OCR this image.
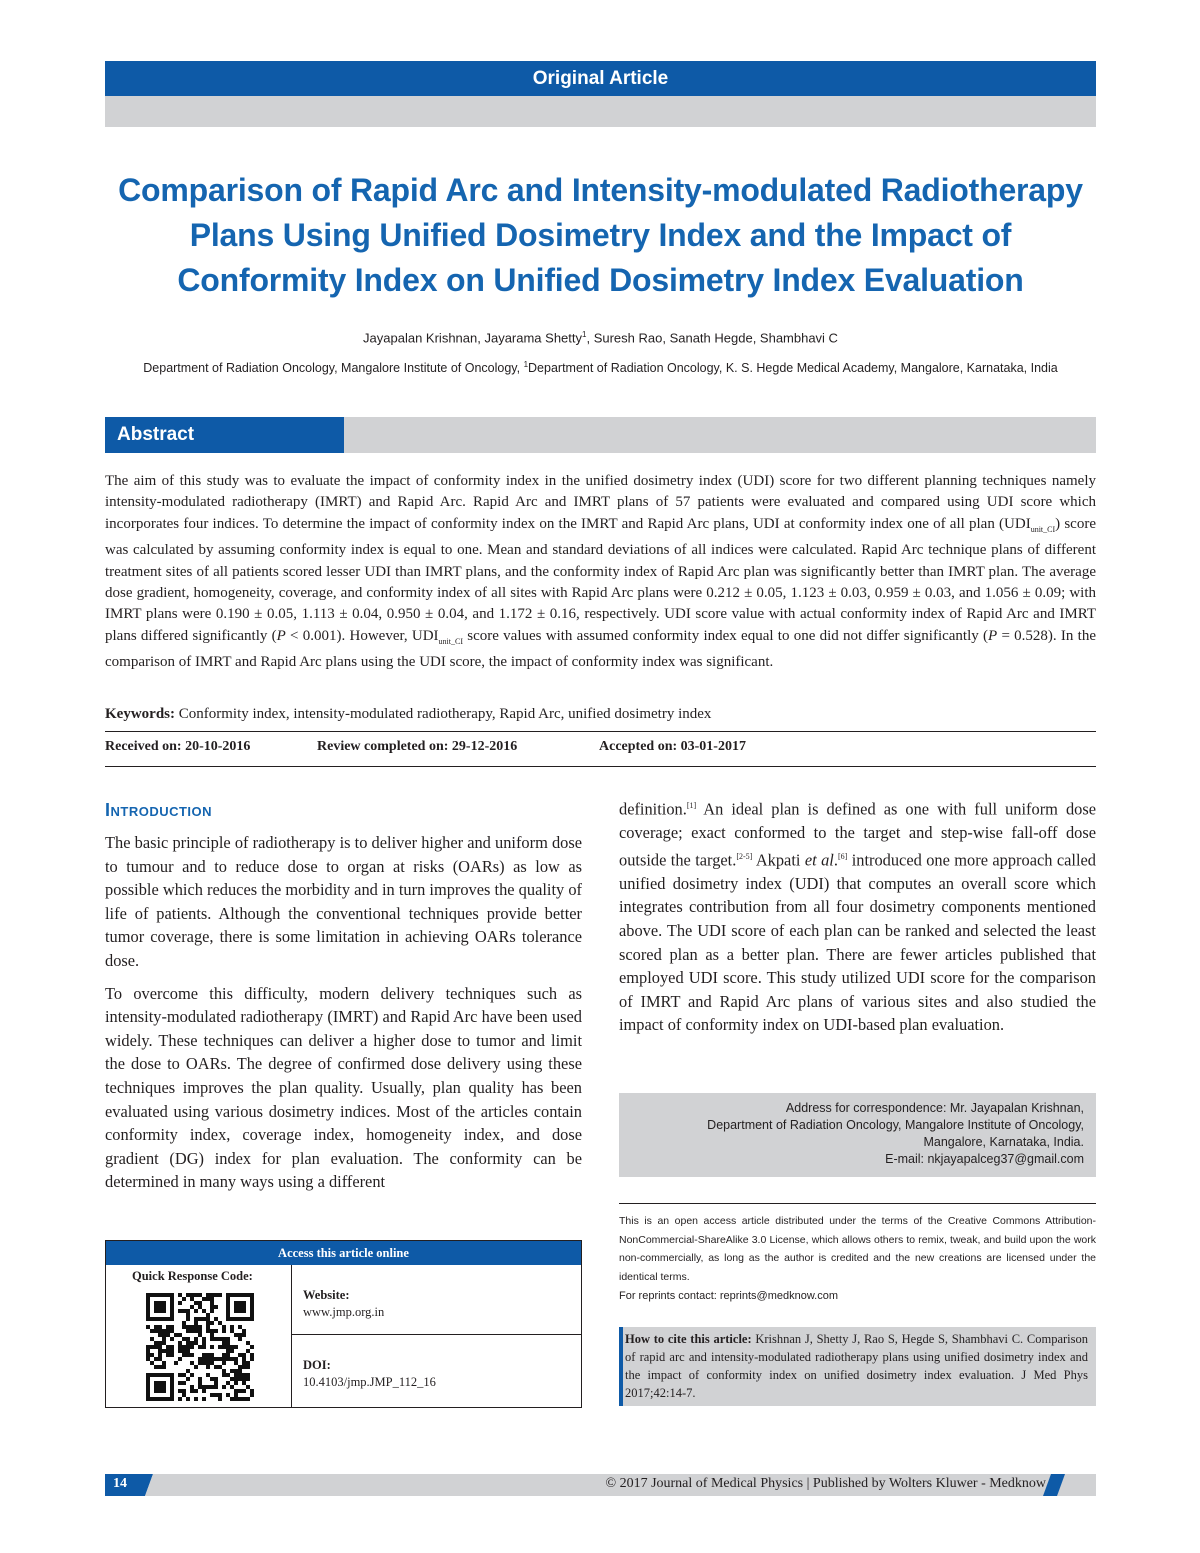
Original Article
Comparison of Rapid Arc and Intensity-modulated Radiotherapy Plans Using Unified Dosimetry Index and the Impact of Conformity Index on Unified Dosimetry Index Evaluation
Jayapalan Krishnan, Jayarama Shetty$^1$, Suresh Rao, Sanath Hegde, Shambhavi C
Department of Radiation Oncology, Mangalore Institute of Oncology, $^1$Department of Radiation Oncology, K. S. Hegde Medical Academy, Mangalore, Karnataka, India
Abstract
The aim of this study was to evaluate the impact of conformity index in the unified dosimetry index (UDI) score for two different planning techniques namely intensity-modulated radiotherapy (IMRT) and Rapid Arc. Rapid Arc and IMRT plans of 57 patients were evaluated and compared using UDI score which incorporates four indices. To determine the impact of conformity index on the IMRT and Rapid Arc plans, UDI at conformity index one of all plan $(UDI_{unit\_CI})$ score was calculated by assuming conformity index is equal to one. Mean and standard deviations of all indices were calculated. Rapid Arc technique plans of different treatment sites of all patients scored lesser UDI than IMRT plans, and the conformity index of Rapid Arc plan was significantly better than IMRT plan. The average dose gradient, homogeneity, coverage, and conformity index of all sites with Rapid Arc plans were 0.212 ± 0.05, 1.123 ± 0.03, 0.959 ± 0.03, and 1.056 ± 0.09; with IMRT plans were 0.190 ± 0.05, 1.113 ± 0.04, 0.950 ± 0.04, and 1.172 ± 0.16, respectively. UDI score value with actual conformity index of Rapid Arc and IMRT plans differed significantly (P < 0.001). However, $UDI_{unit\_CI}$ score values with assumed conformity index equal to one did not differ significantly (P = 0.528). In the comparison of IMRT and Rapid Arc plans using the UDI score, the impact of conformity index was significant.
Keywords: Conformity index, intensity-modulated radiotherapy, Rapid Arc, unified dosimetry index
Received on: 20-10-2016	Review completed on: 29-12-2016	Accepted on: 03-01-2017
Introduction

The basic principle of radiotherapy is to deliver higher and uniform dose to tumour and to reduce dose to organ at risks (OARs) as low as possible which reduces the morbidity and in turn improves the quality of life of patients. Although the conventional techniques provide better tumor coverage, there is some limitation in achieving OARs tolerance dose.

To overcome this difficulty, modern delivery techniques such as intensity-modulated radiotherapy (IMRT) and Rapid Arc have been used widely. These techniques can deliver a higher dose to tumor and limit the dose to OARs. The degree of confirmed dose delivery using these techniques improves the plan quality. Usually, plan quality has been evaluated using various dosimetry indices. Most of the articles contain conformity index, coverage index, homogeneity index, and dose gradient (DG) index for plan evaluation. The conformity can be determined in many ways using a different

definition.[1] An ideal plan is defined as one with full uniform dose coverage; exact conformed to the target and step-wise fall-off dose outside the target.[2-5] Akpati et al.[6] introduced one more approach called unified dosimetry index (UDI) that computes an overall score which integrates contribution from all four dosimetry components mentioned above. The UDI score of each plan can be ranked and selected the least scored plan as a better plan. There are fewer articles published that employed UDI score. This study utilized UDI score for the comparison of IMRT and Rapid Arc plans of various sites and also studied the impact of conformity index on UDI-based plan evaluation.

Address for correspondence: Mr. Jayapalan Krishnan,
Department of Radiation Oncology, Mangalore Institute of Oncology,
Mangalore, Karnataka, India.
E-mail: nkjayapalceg37@gmail.com
This is an open access article distributed under the terms of the Creative Commons Attribution-NonCommercial-ShareAlike 3.0 License, which allows others to remix, tweak, and build upon the work non-commercially, as long as the author is credited and the new creations are licensed under the identical terms.
For reprints contact: reprints@medknow.com
How to cite this article: Krishnan J, Shetty J, Rao S, Hegde S, Shambhavi C. Comparison of rapid arc and intensity-modulated radiotherapy plans using unified dosimetry index and the impact of conformity index on unified dosimetry index evaluation. J Med Phys 2017;42:14-7.
Access this article online
Quick Response Code:
Website:
www.jmp.org.in
DOI:
10.4103/jmp.JMP_112_16
14	© 2017 Journal of Medical Physics | Published by Wolters Kluwer - Medknow
